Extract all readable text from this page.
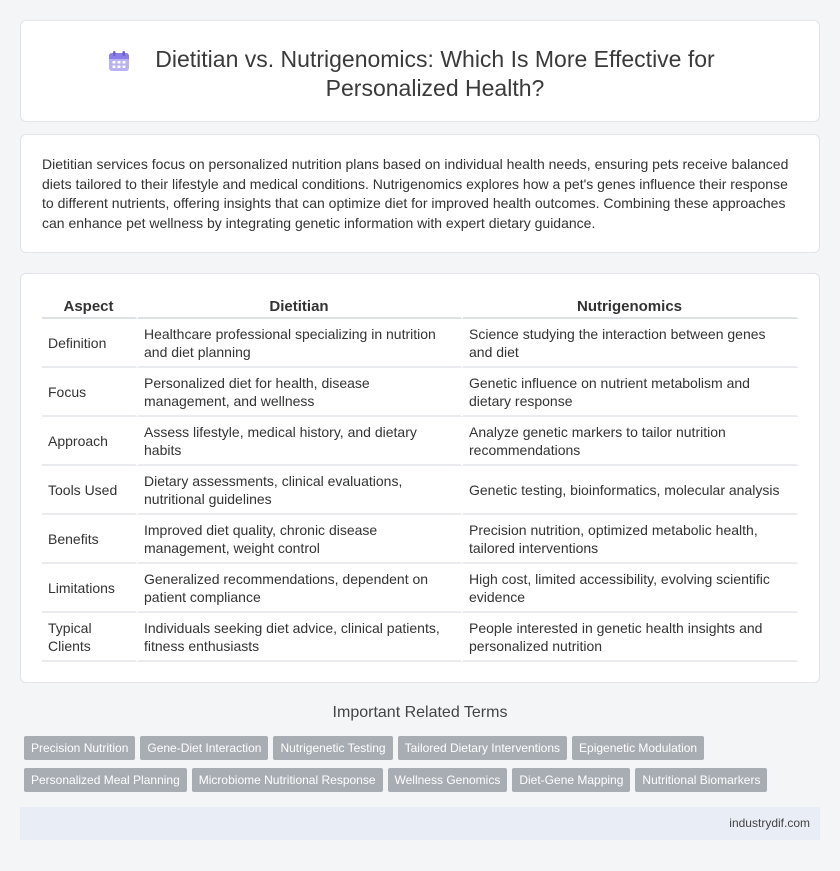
Dietitian vs. Nutrigenomics: Which Is More Effective for Personalized Health?

Dietitian services focus on personalized nutrition plans based on individual health needs, ensuring pets receive balanced diets tailored to their lifestyle and medical conditions. Nutrigenomics explores how a pet's genes influence their response to different nutrients, offering insights that can optimize diet for improved health outcomes. Combining these approaches can enhance pet wellness by integrating genetic information with expert dietary guidance.

Aspect	Dietitian	Nutrigenomics
Definition	Healthcare professional specializing in nutrition and diet planning	Science studying the interaction between genes and diet
Focus	Personalized diet for health, disease management, and wellness	Genetic influence on nutrient metabolism and dietary response
Approach	Assess lifestyle, medical history, and dietary habits	Analyze genetic markers to tailor nutrition recommendations
Tools Used	Dietary assessments, clinical evaluations, nutritional guidelines	Genetic testing, bioinformatics, molecular analysis
Benefits	Improved diet quality, chronic disease management, weight control	Precision nutrition, optimized metabolic health, tailored interventions
Limitations	Generalized recommendations, dependent on patient compliance	High cost, limited accessibility, evolving scientific evidence
Typical Clients	Individuals seeking diet advice, clinical patients, fitness enthusiasts	People interested in genetic health insights and personalized nutrition
Important Related Terms
Precision Nutrition Gene-Diet Interaction Nutrigenetic Testing Tailored Dietary Interventions Epigenetic Modulation
Personalized Meal Planning Microbiome Nutritional Response Wellness Genomics Diet-Gene Mapping Nutritional Biomarkers
industrydif.com
